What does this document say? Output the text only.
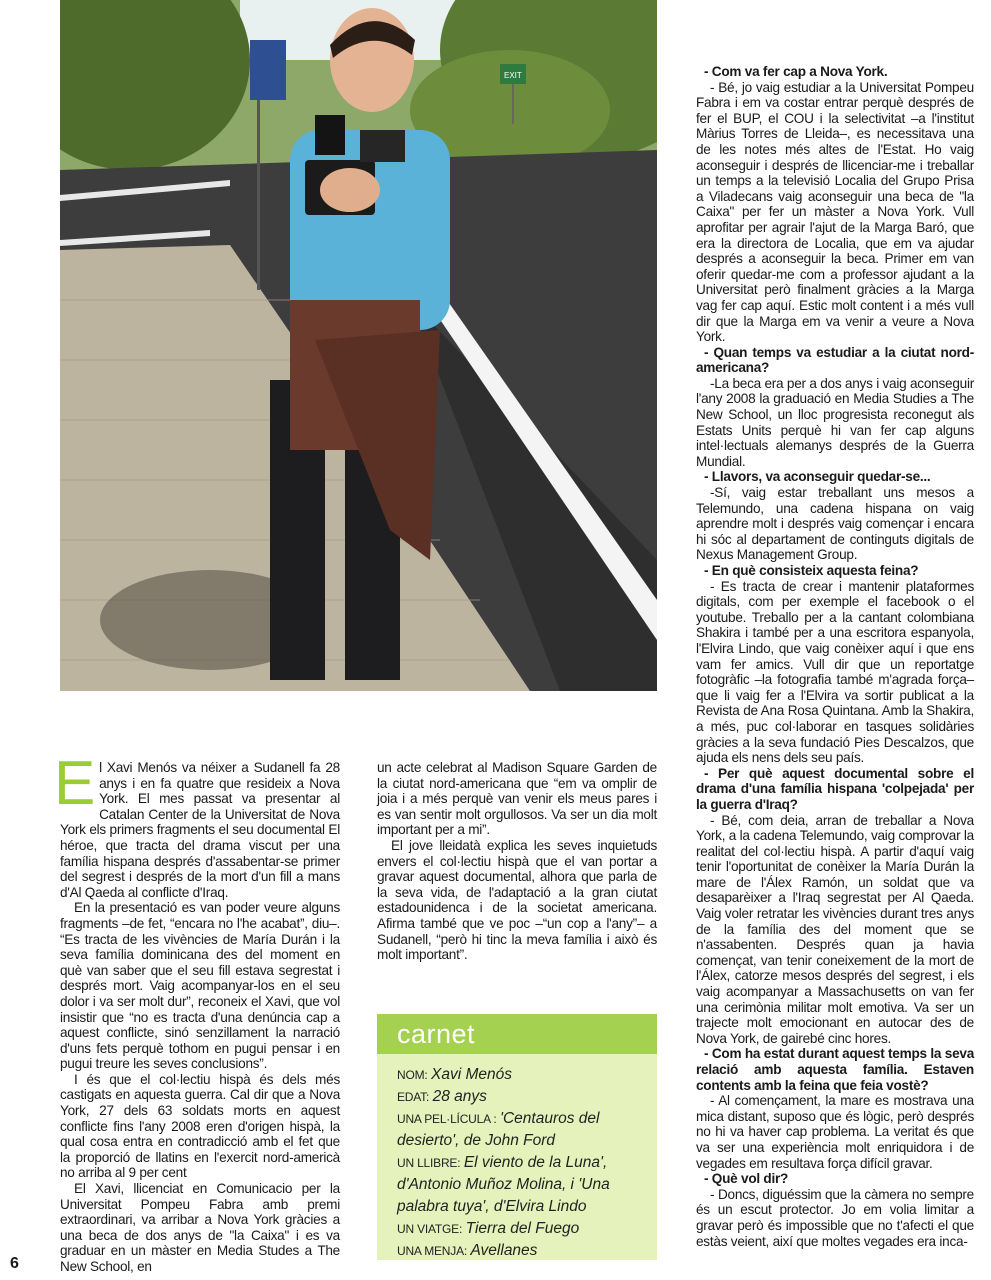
EXIT

El Xavi Menós va néixer a Sudanell fa 28 anys i en fa quatre que resideix a Nova York. El mes passat va presentar al Catalan Center de la Universitat de Nova York els primers fragments el seu documental El héroe, que tracta del drama viscut per una família hispana després d'assabentar-se primer del segrest i després de la mort d'un fill a mans d'Al Qaeda al conflicte d'Iraq.

En la presentació es van poder veure alguns fragments –de fet, “encara no l'he acabat”, diu–. “Es tracta de les vivències de María Durán i la seva família dominicana des del moment en què van saber que el seu fill estava segrestat i després mort. Vaig acompanyar-los en el seu dolor i va ser molt dur”, reconeix el Xavi, que vol insistir que “no es tracta d'una denúncia cap a aquest conflicte, sinó senzillament la narració d'uns fets perquè tothom en pugui pensar i en pugui treure les seves conclusions”.

I és que el col·lectiu hispà és dels més castigats en aquesta guerra. Cal dir que a Nova York, 27 dels 63 soldats morts en aquest conflicte fins l'any 2008 eren d'origen hispà, la qual cosa entra en contradicció amb el fet que la proporció de llatins en l'exercit nord-americà no arriba al 9 per cent

El Xavi, llicenciat en Comunicacio per la Universitat Pompeu Fabra amb premi extraordinari, va arribar a Nova York gràcies a una beca de dos anys de "la Caixa" i es va graduar en un màster en Media Studes a The New School, en

un acte celebrat al Madison Square Garden de la ciutat nord-americana que “em va omplir de joia i a més perquè van venir els meus pares i es van sentir molt orgullosos. Va ser un dia molt important per a mi”.

El jove lleidatà explica les seves inquietuds envers el col·lectiu hispà que el van portar a gravar aquest documental, alhora que parla de la seva vida, de l'adaptació a la gran ciutat estadounidenca i de la societat americana. Afirma també que ve poc –“un cop a l'any”– a Sudanell, “però hi tinc la meva família i això és molt important”.

carnet
NOM: Xavi Menós
EDAT: 28 anys
UNA PEL·LÍCULA : 'Centauros del desierto', de John Ford
UN LLIBRE: El viento de la Luna', d'Antonio Muñoz Molina, i 'Una palabra tuya', d'Elvira Lindo
UN VIATGE: Tierra del Fuego
UNA MENJA: Avellanes

- Com va fer cap a Nova York.

- Bé, jo vaig estudiar a la Universitat Pompeu Fabra i em va costar entrar perquè després de fer el BUP, el COU i la selectivitat –a l'institut Màrius Torres de Lleida–, es necessitava una de les notes més altes de l'Estat. Ho vaig aconseguir i després de llicenciar-me i treballar un temps a la televisió Localia del Grupo Prisa a Viladecans vaig aconseguir una beca de "la Caixa" per fer un màster a Nova York. Vull aprofitar per agrair l'ajut de la Marga Baró, que era la directora de Localia, que em va ajudar després a aconseguir la beca. Primer em van oferir quedar-me com a professor ajudant a la Universitat però finalment gràcies a la Marga vag fer cap aquí. Estic molt content i a més vull dir que la Marga em va venir a veure a Nova York.

- Quan temps va estudiar a la ciutat nord-americana?

-La beca era per a dos anys i vaig aconseguir l'any 2008 la graduació en Media Studies a The New School, un lloc progresista reconegut als Estats Units perquè hi van fer cap alguns intel·lectuals alemanys després de la Guerra Mundial.

- Llavors, va aconseguir quedar-se...

-Sí, vaig estar treballant uns mesos a Telemundo, una cadena hispana on vaig aprendre molt i després vaig començar i encara hi sóc al departament de continguts digitals de Nexus Management Group.

- En què consisteix aquesta feina?

- Es tracta de crear i mantenir plataformes digitals, com per exemple el facebook o el youtube. Treballo per a la cantant colombiana Shakira i també per a una escritora espanyola, l'Elvira Lindo, que vaig conèixer aquí i que ens vam fer amics. Vull dir que un reportatge fotogràfic –la fotografia també m'agrada força– que li vaig fer a l'Elvira va sortir publicat a la Revista de Ana Rosa Quintana. Amb la Shakira, a més, puc col·laborar en tasques solidàries gràcies a la seva fundació Pies Descalzos, que ajuda els nens dels seu país.

- Per què aquest documental sobre el drama d'una família hispana 'colpejada' per la guerra d'Iraq?

- Bé, com deia, arran de treballar a Nova York, a la cadena Telemundo, vaig comprovar la realitat del col·lectiu hispà. A partir d'aquí vaig tenir l'oportunitat de conèixer la María Durán la mare de l'Álex Ramón, un soldat que va desaparèixer a l'Iraq segrestat per Al Qaeda. Vaig voler retratar les vivències durant tres anys de la família des del moment que se n'assabenten. Després quan ja havia començat, van tenir coneixement de la mort de l'Álex, catorze mesos després del segrest, i els vaig acompanyar a Massachusetts on van fer una cerimònia militar molt emotiva. Va ser un trajecte molt emocionant en autocar des de Nova York, de gairebé cinc hores.

- Com ha estat durant aquest temps la seva relació amb aquesta família. Estaven contents amb la feina que feia vostè?

- Al començament, la mare es mostrava una mica distant, suposo que és lògic, però després no hi va haver cap problema. La veritat és que va ser una experiència molt enriquidora i de vegades em resultava força difícil gravar.

- Què vol dir?

- Doncs, diguéssim que la càmera no sempre és un escut protector. Jo em volia limitar a gravar però és impossible que no t'afecti el que estàs veient, així que moltes vegades era inca-

6
